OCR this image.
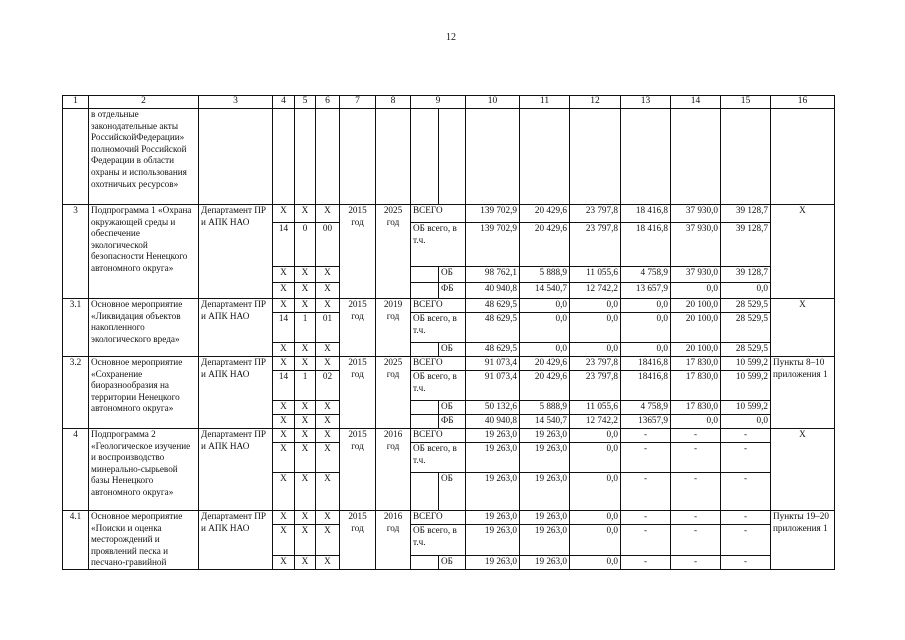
12
1	2	3	4	5	6	7	8	9		10	11	12	13	14	15	16
	в отдельные законодательные акты РоссийскойФедерации» полномочий Российской Федерации в области охраны и использования охотничьих ресурсов»															
3	Подпрограмма 1 «Охрана окружающей среды и обеспечение экологической безопасности Ненецкого автономного округа»	Департамент ПР и АПК НАО	Х	Х	Х	2015 год	2025 год	ВСЕГО		139 702,9	20 429,6	23 797,8	18 416,8	37 930,0	39 128,7	Х
			14	0	00			ОБ всего, в т.ч.		139 702,9	20 429,6	23 797,8	18 416,8	37 930,0	39 128,7	
			Х	Х	Х				ОБ	98 762,1	5 888,9	11 055,6	4 758,9	37 930,0	39 128,7	
			Х	Х	Х				ФБ	40 940,8	14 540,7	12 742,2	13 657,9	0,0	0,0	
3.1	Основное мероприятие «Ликвидация объектов накопленного экологического вреда»	Департамент ПР и АПК НАО	Х	Х	Х	2015 год	2019 год	ВСЕГО		48 629,5	0,0	0,0	0,0	20 100,0	28 529,5	Х
			14	1	01			ОБ всего, в т.ч.		48 629,5	0,0	0,0	0,0	20 100,0	28 529,5	
			Х	Х	Х				ОБ	48 629,5	0,0	0,0	0,0	20 100,0	28 529,5	
3.2	Основное мероприятие «Сохранение биоразнообразия на территории Ненецкого автономного округа»	Департамент ПР и АПК НАО	Х	Х	Х	2015 год	2025 год	ВСЕГО		91 073,4	20 429,6	23 797,8	18416,8	17 830,0	10 599,2	Пункты 8–10 приложения 1
			14	1	02			ОБ всего, в т.ч.		91 073,4	20 429,6	23 797,8	18416,8	17 830,0	10 599,2	
			Х	Х	Х				ОБ	50 132,6	5 888,9	11 055,6	4 758,9	17 830,0	10 599,2	
			Х	Х	Х				ФБ	40 940,8	14 540,7	12 742,2	13657,9	0,0	0,0	
4	Подпрограмма 2 «Геологическое изучение и воспроизводство минерально-сырьевой базы Ненецкого автономного округа»	Департамент ПР и АПК НАО	Х	Х	Х	2015 год	2016 год	ВСЕГО		19 263,0	19 263,0	0,0	-	-	-	Х
			Х	Х	Х			ОБ всего, в т.ч.		19 263,0	19 263,0	0,0	-	-	-	
			Х	Х	Х				ОБ	19 263,0	19 263,0	0,0	-	-	-	
4.1	Основное мероприятие «Поиски и оценка месторождений и проявлений песка и песчано-гравийной	Департамент ПР и АПК НАО	Х	Х	Х	2015 год	2016 год	ВСЕГО		19 263,0	19 263,0	0,0	-	-	-	Пункты 19–20 приложения 1
			Х	Х	Х			ОБ всего, в т.ч.		19 263,0	19 263,0	0,0	-	-	-	
			Х	Х	Х				ОБ	19 263,0	19 263,0	0,0	-	-	-	
